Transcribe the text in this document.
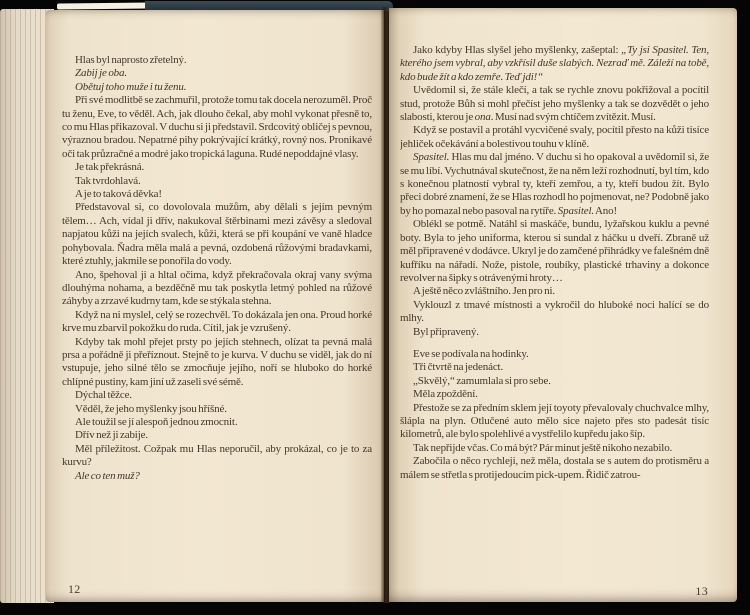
Hlas byl naprosto zřetelný.

Zabij je oba.

Obětuj toho muže i tu ženu.

Při své modlitbě se zachmuřil, protože tomu tak docela nerozuměl. Proč tu ženu, Eve, to věděl. Ach, jak dlouho čekal, aby mohl vykonat přesně to, co mu Hlas přikazoval. V duchu si ji představil. Srdcovitý obličej s pevnou, výraznou bradou. Nepatrné pihy pokrývající krátký, rovný nos. Pronikavé oči tak průzračné a modré jako tropická laguna. Rudé nepoddajné vlasy.

Je tak překrásná.

Tak tvrdohlavá.

A je to taková děvka!

Představoval si, co dovolovala mužům, aby dělali s jejím pevným tělem… Ach, vídal ji dřív, nakukoval štěrbinami mezi závěsy a sledoval napjatou kůži na jejích svalech, kůži, která se při koupání ve vaně hladce pohybovala. Ňadra měla malá a pevná, ozdobená růžovými bradavkami, které ztuhly, jakmile se ponořila do vody.

Ano, špehoval ji a hltal očima, když překračovala okraj vany svýma dlouhýma nohama, a bezděčně mu tak poskytla letmý pohled na růžové záhyby a zrzavé kudrny tam, kde se stýkala stehna.

Když na ni myslel, celý se rozechvěl. To dokázala jen ona. Proud horké krve mu zbarvil pokožku do ruda. Cítil, jak je vzrušený.

Kdyby tak mohl přejet prsty po jejích stehnech, olízat ta pevná malá prsa a pořádně ji přeříznout. Stejně to je kurva. V duchu se viděl, jak do ní vstupuje, jeho silné tělo se zmocňuje jejího, noří se hluboko do horké chlípné pustiny, kam jiní už zaseli své sémě.

Dýchal těžce.

Věděl, že jeho myšlenky jsou hříšné.

Ale toužil se jí alespoň jednou zmocnit.

Dřív než ji zabije.

Měl příležitost. Cožpak mu Hlas neporučil, aby prokázal, co je to za kurvu?

Ale co ten muž?

12

Jako kdyby Hlas slyšel jeho myšlenky, zašeptal: „Ty jsi Spasitel. Ten, kterého jsem vybral, aby vzkřísil duše slabých. Nezraď mě. Záleží na tobě, kdo bude žít a kdo zemře. Teď jdi!“

Uvědomil si, že stále klečí, a tak se rychle znovu pokřižoval a pocítil stud, protože Bůh si mohl přečíst jeho myšlenky a tak se dozvědět o jeho slabosti, kterou je ona. Musí nad svým chtíčem zvítězit. Musí.

Když se postavil a protáhl vycvičené svaly, pocítil přesto na kůži tisíce jehliček očekávání a bolestivou touhu v klíně.

Spasitel. Hlas mu dal jméno. V duchu si ho opakoval a uvědomil si, že se mu líbí. Vychutnával skutečnost, že na něm leží rozhodnutí, byl tím, kdo s konečnou platností vybral ty, kteří zemřou, a ty, kteří budou žít. Bylo přeci dobré znamení, že se Hlas rozhodl ho pojmenovat, ne? Podobně jako by ho pomazal nebo pasoval na rytíře. Spasitel. Ano!

Oblékl se potmě. Natáhl si maskáče, bundu, lyžařskou kuklu a pevné boty. Byla to jeho uniforma, kterou si sundal z háčku u dveří. Zbraně už měl připravené v dodávce. Ukryl je do zamčené přihrádky ve falešném dně kufříku na nářadí. Nože, pistole, roubíky, plastické trhaviny a dokonce revolver na šipky s otrávenými hroty…

A ještě něco zvláštního. Jen pro ni.

Vyklouzl z tmavé místnosti a vykročil do hluboké noci halící se do mlhy.

Byl připravený.

Eve se podívala na hodinky.

Tři čtvrtě na jedenáct.

„Skvělý,“ zamumlala si pro sebe.

Měla zpoždění.

Přestože se za předním sklem její toyoty převalovaly chuchvalce mlhy, šlápla na plyn. Otlučené auto mělo sice najeto přes sto padesát tisíc kilometrů, ale bylo spolehlivé a vystřelilo kupředu jako šíp.

Tak nepřijde včas. Co má být? Pár minut ještě nikoho nezabilo.

Zabočila o něco rychleji, než měla, dostala se s autem do protisměru a málem se střetla s protijedoucím pick-upem. Řidič zatrou-

13
